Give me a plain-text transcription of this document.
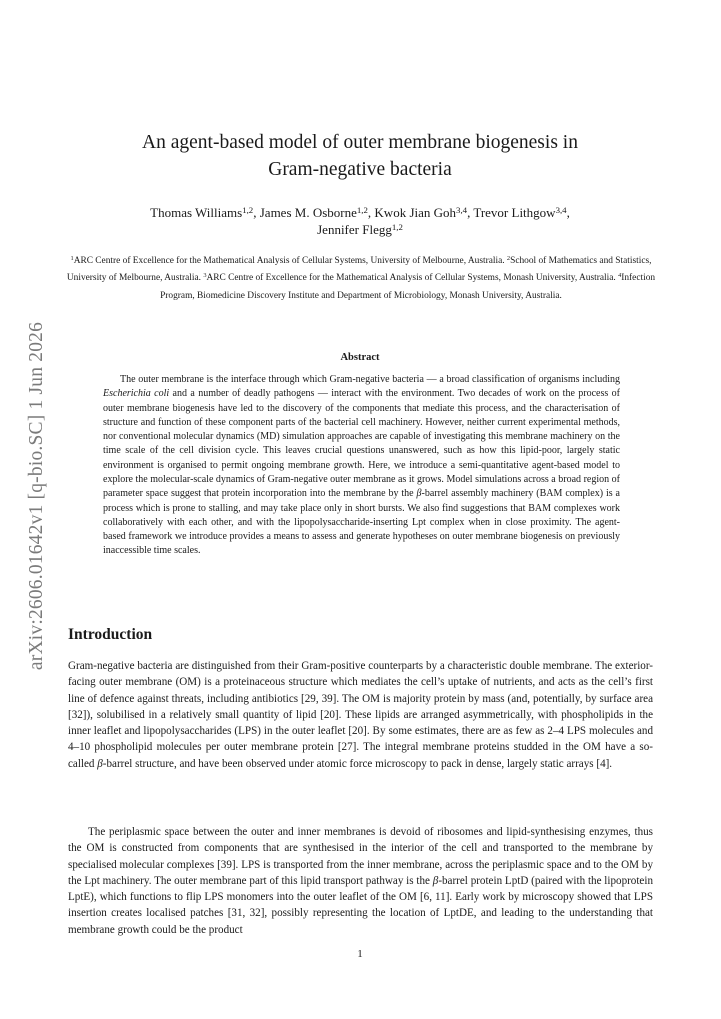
arXiv:2606.01642v1 [q-bio.SC] 1 Jun 2026
An agent-based model of outer membrane biogenesis in
Gram-negative bacteria
Thomas Williams$^{1,2}$, James M. Osborne$^{1,2}$, Kwok Jian Goh$^{3,4}$, Trevor Lithgow$^{3,4}$,
Jennifer Flegg$^{1,2}$
$^1$ARC Centre of Excellence for the Mathematical Analysis of Cellular Systems, University of Melbourne, Australia. $^2$School of Mathematics and Statistics, University of Melbourne, Australia. $^3$ARC Centre of Excellence for the Mathematical Analysis of Cellular Systems, Monash University, Australia. $^4$Infection Program, Biomedicine Discovery Institute and Department of Microbiology, Monash University, Australia.
Abstract

The outer membrane is the interface through which Gram-negative bacteria — a broad classification of organisms including Escherichia coli and a number of deadly pathogens — interact with the environment. Two decades of work on the process of outer membrane biogenesis have led to the discovery of the components that mediate this process, and the characterisation of structure and function of these component parts of the bacterial cell machinery. However, neither current experimental methods, nor conventional molecular dynamics (MD) simulation approaches are capable of investigating this membrane machinery on the time scale of the cell division cycle. This leaves crucial questions unanswered, such as how this lipid-poor, largely static environment is organised to permit ongoing membrane growth. Here, we introduce a semi-quantitative agent-based model to explore the molecular-scale dynamics of Gram-negative outer membrane as it grows. Model simulations across a broad region of parameter space suggest that protein incorporation into the membrane by the β-barrel assembly machinery (BAM complex) is a process which is prone to stalling, and may take place only in short bursts. We also find suggestions that BAM complexes work collaboratively with each other, and with the lipopolysaccharide-inserting Lpt complex when in close proximity. The agent-based framework we introduce provides a means to assess and generate hypotheses on outer membrane biogenesis on previously inaccessible time scales.

Introduction

Gram-negative bacteria are distinguished from their Gram-positive counterparts by a characteristic double membrane. The exterior-facing outer membrane (OM) is a proteinaceous structure which mediates the cell’s uptake of nutrients, and acts as the cell’s first line of defence against threats, including antibiotics [29, 39]. The OM is majority protein by mass (and, potentially, by surface area [32]), solubilised in a relatively small quantity of lipid [20]. These lipids are arranged asymmetrically, with phospholipids in the inner leaflet and lipopolysaccharides (LPS) in the outer leaflet [20]. By some estimates, there are as few as 2–4 LPS molecules and 4–10 phospholipid molecules per outer membrane protein [27]. The integral membrane proteins studded in the OM have a so-called β-barrel structure, and have been observed under atomic force microscopy to pack in dense, largely static arrays [4].

The periplasmic space between the outer and inner membranes is devoid of ribosomes and lipid-synthesising enzymes, thus the OM is constructed from components that are synthesised in the interior of the cell and transported to the membrane by specialised molecular complexes [39]. LPS is transported from the inner membrane, across the periplasmic space and to the OM by the Lpt machinery. The outer membrane part of this lipid transport pathway is the β-barrel protein LptD (paired with the lipoprotein LptE), which functions to flip LPS monomers into the outer leaflet of the OM [6, 11]. Early work by microscopy showed that LPS insertion creates localised patches [31, 32], possibly representing the location of LptDE, and leading to the understanding that membrane growth could be the product

1
